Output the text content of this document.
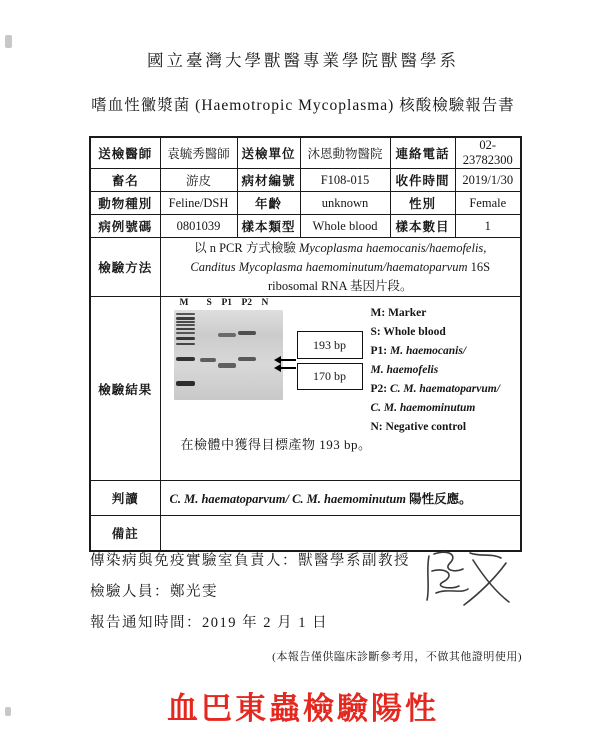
國立臺灣大學獸醫專業學院獸醫學系
嗜血性黴漿菌 (Haemotropic Mycoplasma) 核酸檢驗報告書
送檢醫師	袁毓秀醫師	送檢單位	沐恩動物醫院	連絡電話	02-23782300
畜名	游皮	病材編號	F108-015	收件時間	2019/1/30
動物種別	Feline/DSH	年齡	unknown	性別	Female
病例號碼	0801039	樣本類型	Whole blood	樣本數目	1
檢驗方法	以 n PCR 方式檢驗 Mycoplasma haemocanis/haemofelis,
Canditus Mycoplasma haemominutum/haematoparvum 16S
ribosomal RNA 基因片段。				

檢驗結果	
M S P1 P2 N
193 bp
170 bp
M: Marker
S: Whole blood
P1: M. haemocanis/
M. haemofelis
P2: C. M. haematoparvum/
C. M. haemominutum
N: Negative control
在檢體中獲得目標產物 193 bp。

判讀	C. M. haematoparvum/ C. M. haemominutum 陽性反應。				
備註					
傳染病與免疫實驗室負責人：獸醫學系副教授
檢驗人員：鄭光雯
報告通知時間：2019 年 2 月 1 日
(本報告僅供臨床診斷參考用，不做其他證明使用)
血巴東蟲檢驗陽性
